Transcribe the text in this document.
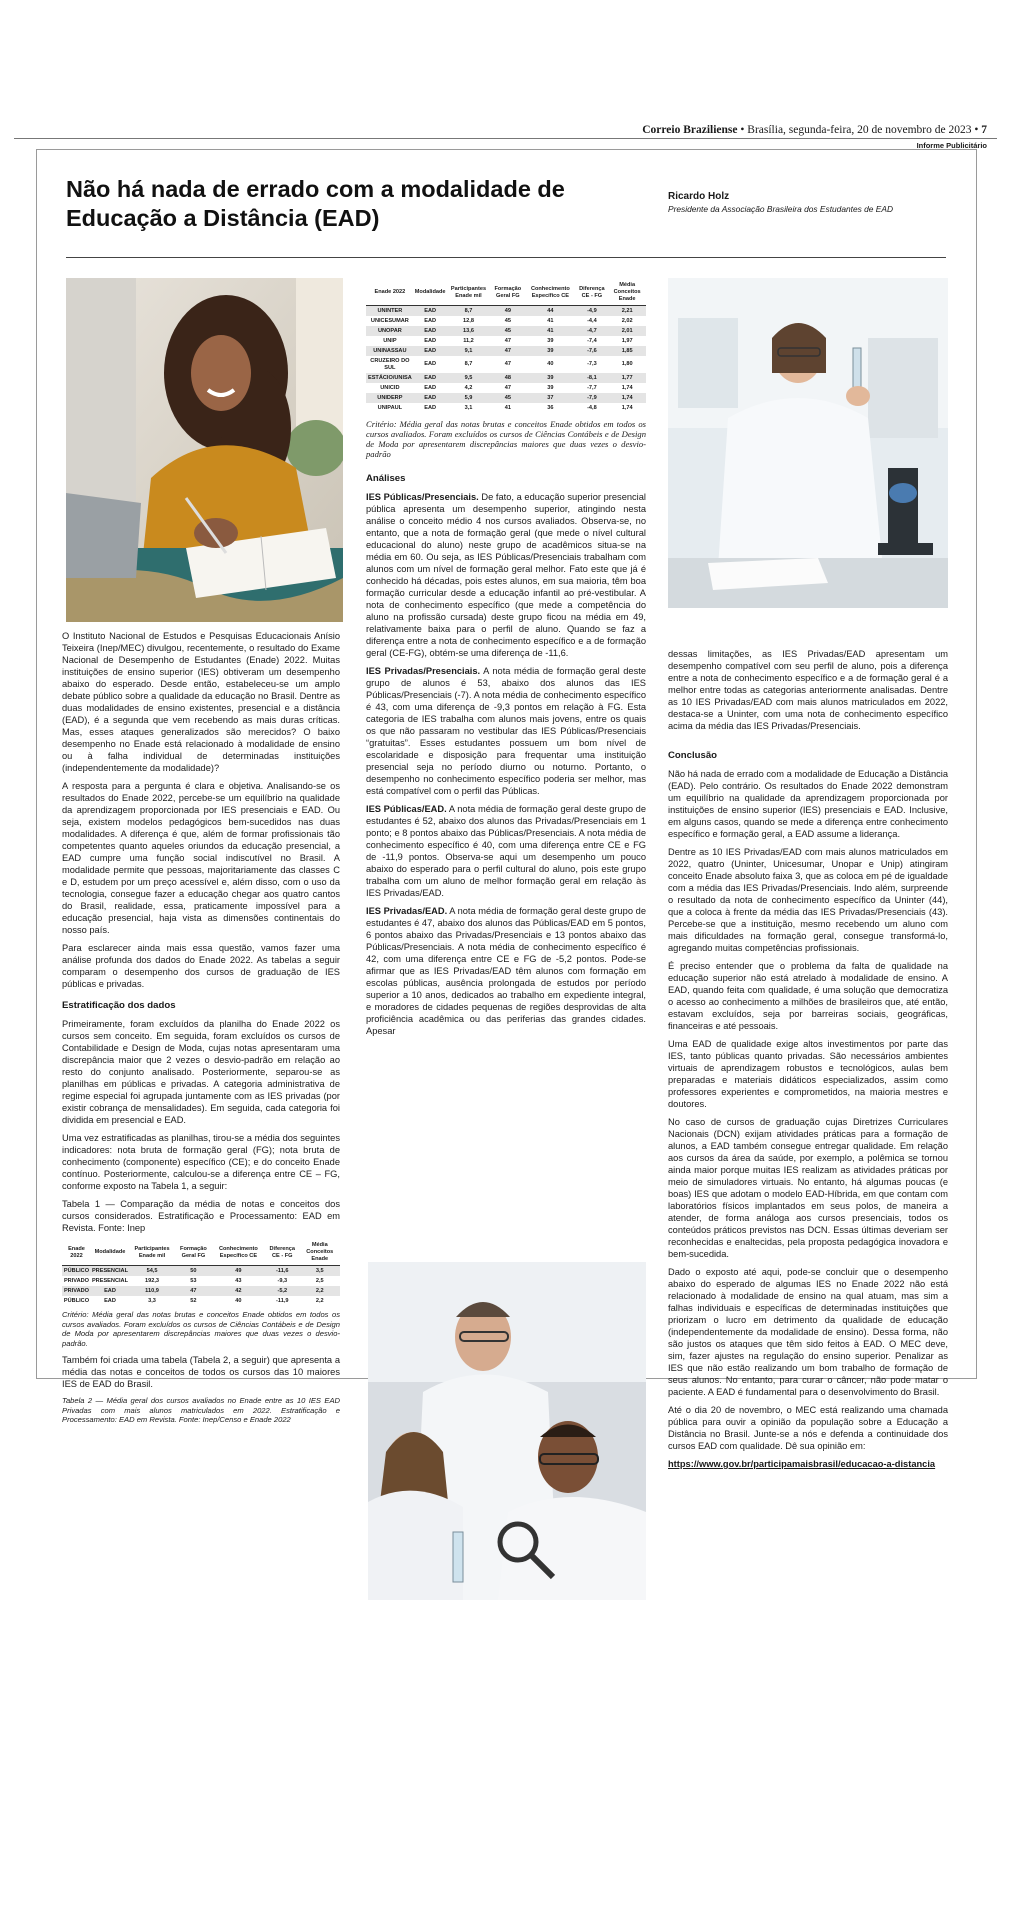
Correio Braziliense • Brasília, segunda-feira, 20 de novembro de 2023 • 7
Informe Publicitário
Não há nada de errado com a modalidade de Educação a Distância (EAD)
Ricardo Holz
Presidente da Associação Brasileira dos Estudantes de EAD

O Instituto Nacional de Estudos e Pesquisas Educacionais Anísio Teixeira (Inep/MEC) divulgou, recentemente, o resultado do Exame Nacional de Desempenho de Estudantes (Enade) 2022. Muitas instituições de ensino superior (IES) obtiveram um desempenho abaixo do esperado. Desde então, estabeleceu-se um amplo debate público sobre a qualidade da educação no Brasil. Dentre as duas modalidades de ensino existentes, presencial e a distância (EAD), é a segunda que vem recebendo as mais duras críticas. Mas, esses ataques generalizados são merecidos? O baixo desempenho no Enade está relacionado à modalidade de ensino ou à falha individual de determinadas instituições (independentemente da modalidade)?

A resposta para a pergunta é clara e objetiva. Analisando-se os resultados do Enade 2022, percebe-se um equilíbrio na qualidade da aprendizagem proporcionada por IES presenciais e EAD. Ou seja, existem modelos pedagógicos bem-sucedidos nas duas modalidades. A diferença é que, além de formar profissionais tão competentes quanto aqueles oriundos da educação presencial, a EAD cumpre uma função social indiscutível no Brasil. A modalidade permite que pessoas, majoritariamente das classes C e D, estudem por um preço acessível e, além disso, com o uso da tecnologia, consegue fazer a educação chegar aos quatro cantos do Brasil, realidade, essa, praticamente impossível para a educação presencial, haja vista as dimensões continentais do nosso país.

Para esclarecer ainda mais essa questão, vamos fazer uma análise profunda dos dados do Enade 2022. As tabelas a seguir comparam o desempenho dos cursos de graduação de IES públicas e privadas.

Estratificação dos dados

Primeiramente, foram excluídos da planilha do Enade 2022 os cursos sem conceito. Em seguida, foram excluídos os cursos de Contabilidade e Design de Moda, cujas notas apresentaram uma discrepância maior que 2 vezes o desvio-padrão em relação ao resto do conjunto analisado. Posteriormente, separou-se as planilhas em públicas e privadas. A categoria administrativa de regime especial foi agrupada juntamente com as IES privadas (por existir cobrança de mensalidades). Em seguida, cada categoria foi dividida em presencial e EAD.

Uma vez estratificadas as planilhas, tirou-se a média dos seguintes indicadores: nota bruta de formação geral (FG); nota bruta de conhecimento (componente) específico (CE); e do conceito Enade contínuo. Posteriormente, calculou-se a diferença entre CE – FG, conforme exposto na Tabela 1, a seguir:

Tabela 1 — Comparação da média de notas e conceitos dos cursos considerados. Estratificação e Processamento: EAD em Revista. Fonte: Inep

Enade 2022	Modalidade	Participantes Enade mil	Formação Geral FG	Conhecimento Específico CE	Diferença CE - FG	Média Conceitos Enade
PÚBLICO	PRESENCIAL	54,5	50	49	-11,6	3,5
PRIVADO	PRESENCIAL	192,3	53	43	-9,3	2,5
PRIVADO	EAD	110,9	47	42	-5,2	2,2
PÚBLICO	EAD	3,3	52	40	-11,9	2,2

Critério: Média geral das notas brutas e conceitos Enade obtidos em todos os cursos avaliados. Foram excluídos os cursos de Ciências Contábeis e de Design de Moda por apresentarem discrepâncias maiores que duas vezes o desvio-padrão.

Também foi criada uma tabela (Tabela 2, a seguir) que apresenta a média das notas e conceitos de todos os cursos das 10 maiores IES de EAD do Brasil.

Tabela 2 — Média geral dos cursos avaliados no Enade entre as 10 IES EAD Privadas com mais alunos matriculados em 2022. Estratificação e Processamento: EAD em Revista. Fonte: Inep/Censo e Enade 2022

Enade 2022	Modalidade	Participantes Enade mil	Formação Geral FG	Conhecimento Específico CE	Diferença CE - FG	Média Conceitos Enade
UNINTER	EAD	8,7	49	44	-4,9	2,21
UNICESUMAR	EAD	12,8	45	41	-4,4	2,02
UNOPAR	EAD	13,6	45	41	-4,7	2,01
UNIP	EAD	11,2	47	39	-7,4	1,97
UNINASSAU	EAD	9,1	47	39	-7,6	1,85
CRUZEIRO DO SUL	EAD	8,7	47	40	-7,3	1,80
ESTÁCIO/UNISA	EAD	9,5	48	39	-8,1	1,77
UNICID	EAD	4,2	47	39	-7,7	1,74
UNIDERP	EAD	5,9	45	37	-7,9	1,74
UNIPAUL	EAD	3,1	41	36	-4,8	1,74

Critério: Média geral das notas brutas e conceitos Enade obtidos em todos os cursos avaliados. Foram excluídos os cursos de Ciências Contábeis e de Design de Moda por apresentarem discrepâncias maiores que duas vezes o desvio-padrão

Análises

IES Públicas/Presenciais. De fato, a educação superior presencial pública apresenta um desempenho superior, atingindo nesta análise o conceito médio 4 nos cursos avaliados. Observa-se, no entanto, que a nota de formação geral (que mede o nível cultural educacional do aluno) neste grupo de acadêmicos situa-se na média em 60. Ou seja, as IES Públicas/Presenciais trabalham com alunos com um nível de formação geral melhor. Fato este que já é conhecido há décadas, pois estes alunos, em sua maioria, têm boa formação curricular desde a educação infantil ao pré-vestibular. A nota de conhecimento específico (que mede a competência do aluno na profissão cursada) deste grupo ficou na média em 49, relativamente baixa para o perfil de aluno. Quando se faz a diferença entre a nota de conhecimento específico e a de formação geral (CE-FG), obtém-se uma diferença de -11,6.

IES Privadas/Presenciais. A nota média de formação geral deste grupo de alunos é 53, abaixo dos alunos das IES Públicas/Presenciais (-7). A nota média de conhecimento específico é 43, com uma diferença de -9,3 pontos em relação à FG. Esta categoria de IES trabalha com alunos mais jovens, entre os quais os que não passaram no vestibular das IES Públicas/Presenciais “gratuitas”. Esses estudantes possuem um bom nível de escolaridade e disposição para frequentar uma instituição presencial seja no período diurno ou noturno. Portanto, o desempenho no conhecimento específico poderia ser melhor, mas está compatível com o perfil das Públicas.

IES Públicas/EAD. A nota média de formação geral deste grupo de estudantes é 52, abaixo dos alunos das Privadas/Presenciais em 1 ponto; e 8 pontos abaixo das Públicas/Presenciais. A nota média de conhecimento específico é 40, com uma diferença entre CE e FG de -11,9 pontos. Observa-se aqui um desempenho um pouco abaixo do esperado para o perfil cultural do aluno, pois este grupo trabalha com um aluno de melhor formação geral em relação às IES Privadas/EAD.

IES Privadas/EAD. A nota média de formação geral deste grupo de estudantes é 47, abaixo dos alunos das Públicas/EAD em 5 pontos, 6 pontos abaixo das Privadas/Presenciais e 13 pontos abaixo das Públicas/Presenciais. A nota média de conhecimento específico é 42, com uma diferença entre CE e FG de -5,2 pontos. Pode-se afirmar que as IES Privadas/EAD têm alunos com formação em escolas públicas, ausência prolongada de estudos por período superior a 10 anos, dedicados ao trabalho em expediente integral, e moradores de cidades pequenas de regiões desprovidas de alta proficiência acadêmica ou das periferias das grandes cidades. Apesar

dessas limitações, as IES Privadas/EAD apresentam um desempenho compatível com seu perfil de aluno, pois a diferença entre a nota de conhecimento específico e a de formação geral é a melhor entre todas as categorias anteriormente analisadas. Dentre as 10 IES Privadas/EAD com mais alunos matriculados em 2022, destaca-se a Uninter, com uma nota de conhecimento específico acima da média das IES Privadas/Presenciais.

Conclusão

Não há nada de errado com a modalidade de Educação a Distância (EAD). Pelo contrário. Os resultados do Enade 2022 demonstram um equilíbrio na qualidade da aprendizagem proporcionada por instituições de ensino superior (IES) presenciais e EAD. Inclusive, em alguns casos, quando se mede a diferença entre conhecimento específico e formação geral, a EAD assume a liderança.

Dentre as 10 IES Privadas/EAD com mais alunos matriculados em 2022, quatro (Uninter, Unicesumar, Unopar e Unip) atingiram conceito Enade absoluto faixa 3, que as coloca em pé de igualdade com a média das IES Privadas/Presenciais. Indo além, surpreende o resultado da nota de conhecimento específico da Uninter (44), que a coloca à frente da média das IES Privadas/Presenciais (43). Percebe-se que a instituição, mesmo recebendo um aluno com mais dificuldades na formação geral, consegue transformá-lo, agregando muitas competências profissionais.

É preciso entender que o problema da falta de qualidade na educação superior não está atrelado à modalidade de ensino. A EAD, quando feita com qualidade, é uma solução que democratiza o acesso ao conhecimento a milhões de brasileiros que, até então, estavam excluídos, seja por barreiras sociais, geográficas, financeiras e até pessoais.

Uma EAD de qualidade exige altos investimentos por parte das IES, tanto públicas quanto privadas. São necessários ambientes virtuais de aprendizagem robustos e tecnológicos, aulas bem preparadas e materiais didáticos especializados, assim como professores experientes e comprometidos, na maioria mestres e doutores.

No caso de cursos de graduação cujas Diretrizes Curriculares Nacionais (DCN) exijam atividades práticas para a formação de alunos, a EAD também consegue entregar qualidade. Em relação aos cursos da área da saúde, por exemplo, a polêmica se tornou ainda maior porque muitas IES realizam as atividades práticas por meio de simuladores virtuais. No entanto, há algumas poucas (e boas) IES que adotam o modelo EAD-Híbrida, em que contam com laboratórios físicos implantados em seus polos, de maneira a atender, de forma análoga aos cursos presenciais, todos os conteúdos práticos previstos nas DCN. Essas últimas deveriam ser reconhecidas e enaltecidas, pela proposta pedagógica inovadora e bem-sucedida.

Dado o exposto até aqui, pode-se concluir que o desempenho abaixo do esperado de algumas IES no Enade 2022 não está relacionado à modalidade de ensino na qual atuam, mas sim a falhas individuais e específicas de determinadas instituições que priorizam o lucro em detrimento da qualidade de educação (independentemente da modalidade de ensino). Dessa forma, não são justos os ataques que têm sido feitos à EAD. O MEC deve, sim, fazer ajustes na regulação do ensino superior. Penalizar as IES que não estão realizando um bom trabalho de formação de seus alunos. No entanto, para curar o câncer, não pode matar o paciente. A EAD é fundamental para o desenvolvimento do Brasil.

Até o dia 20 de novembro, o MEC está realizando uma chamada pública para ouvir a opinião da população sobre a Educação a Distância no Brasil. Junte-se a nós e defenda a continuidade dos cursos EAD com qualidade. Dê sua opinião em:

https://www.gov.br/participamaisbrasil/educacao-a-distancia
